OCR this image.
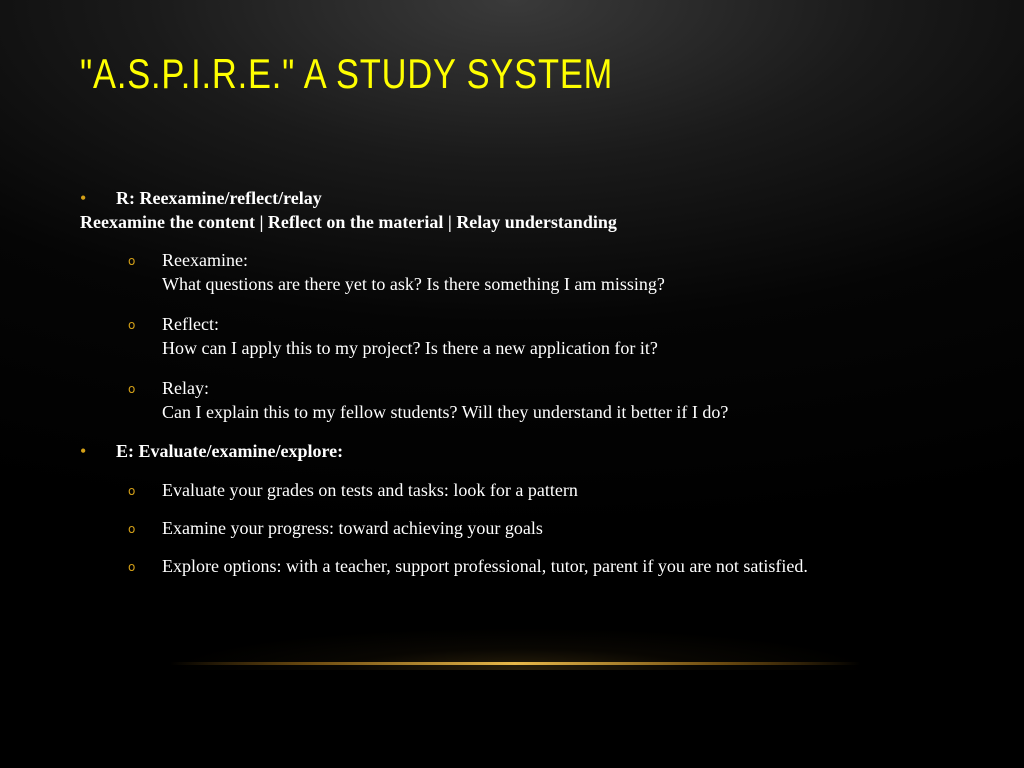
"A.S.P.I.R.E." A STUDY SYSTEM
• R: Reexamine/reflect/relay
Reexamine the content | Reflect on the material | Relay understanding
o Reexamine:
What questions are there yet to ask? Is there something I am missing?
o Reflect:
How can I apply this to my project? Is there a new application for it?
o Relay:
Can I explain this to my fellow students? Will they understand it better if I do?
• E: Evaluate/examine/explore:
o Evaluate your grades on tests and tasks: look for a pattern
o Examine your progress: toward achieving your goals
o Explore options: with a teacher, support professional, tutor, parent if you are not satisfied.
